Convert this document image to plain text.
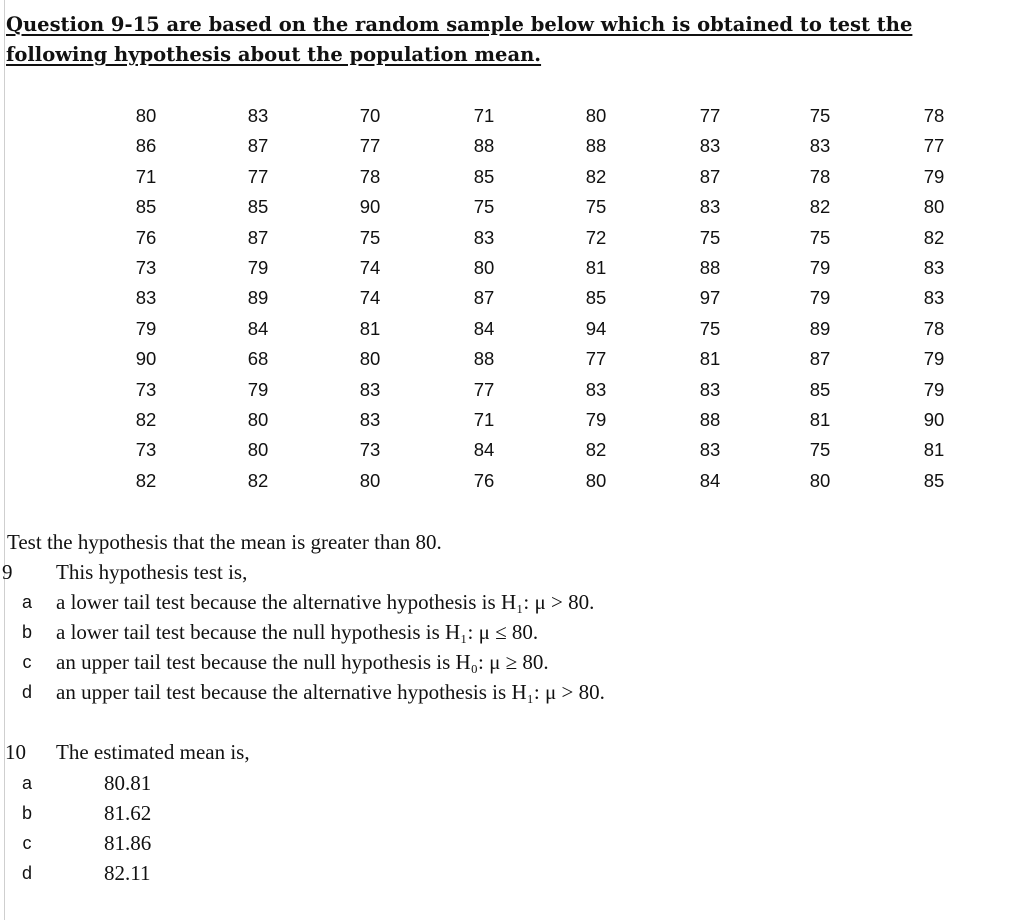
Question 9-15 are based on the random sample below which is obtained to test the
following hypothesis about the population mean.
80	83	70	71	80	77	75	78
86	87	77	88	88	83	83	77
71	77	78	85	82	87	78	79
85	85	90	75	75	83	82	80
76	87	75	83	72	75	75	82
73	79	74	80	81	88	79	83
83	89	74	87	85	97	79	83
79	84	81	84	94	75	89	78
90	68	80	88	77	81	87	79
73	79	83	77	83	83	85	79
82	80	83	71	79	88	81	90
73	80	73	84	82	83	75	81
82	82	80	76	80	84	80	85
Test the hypothesis that the mean is greater than 80.
9 This hypothesis test is,
a a lower tail test because the alternative hypothesis is H₁: μ > 80.
b a lower tail test because the null hypothesis is H₁: μ ≤ 80.
c an upper tail test because the null hypothesis is H₀: μ ≥ 80.
d an upper tail test because the alternative hypothesis is H₁: μ > 80.
10 The estimated mean is,
a	80.81
b	81.62
c	81.86
d	82.11
